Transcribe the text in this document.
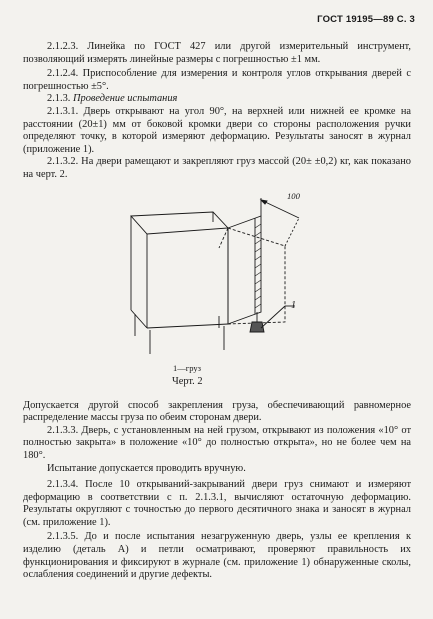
ГОСТ 19195—89 С. 3

2.1.2.3. Линейка по ГОСТ 427 или другой измерительный инструмент, позволяющий измерять линейные размеры с погрешностью ±1 мм.

2.1.2.4. Приспособление для измерения и контроля углов открывания дверей с погрешностью ±5°.

2.1.3. Проведение испытания

2.1.3.1. Дверь открывают на угол 90°, на верхней или нижней ее кромке на расстоянии (20±1) мм от боковой кромки двери со стороны расположения ручки определяют точку, в которой измеряют деформацию. Результаты заносят в журнал (приложение 1).

2.1.3.2. На двери рамещают и закрепляют груз массой (20± ±0,2) кг, как показано на черт. 2.

100
1
1—груз
Черт. 2

Допускается другой способ закрепления груза, обеспечивающий равномерное распределение массы груза по обеим сторонам двери.

2.1.3.3. Дверь, с установленным на ней грузом, открывают из положения «10° от полностью закрыта» в положение «10° до полностью открыта», но не более чем на 180°.

Испытание допускается проводить вручную.

2.1.3.4. После 10 открываний-закрываний двери груз снимают и измеряют деформацию в соответствии с п. 2.1.3.1, вычисляют остаточную деформацию. Результаты округляют с точностью до первого десятичного знака и заносят в журнал (см. приложение 1).

2.1.3.5. До и после испытания незагруженную дверь, узлы ее крепления к изделию (деталь А) и петли осматривают, проверяют правильность их функционирования и фиксируют в журнале (см. приложение 1) обнаруженные сколы, ослабления соединений и другие дефекты.
